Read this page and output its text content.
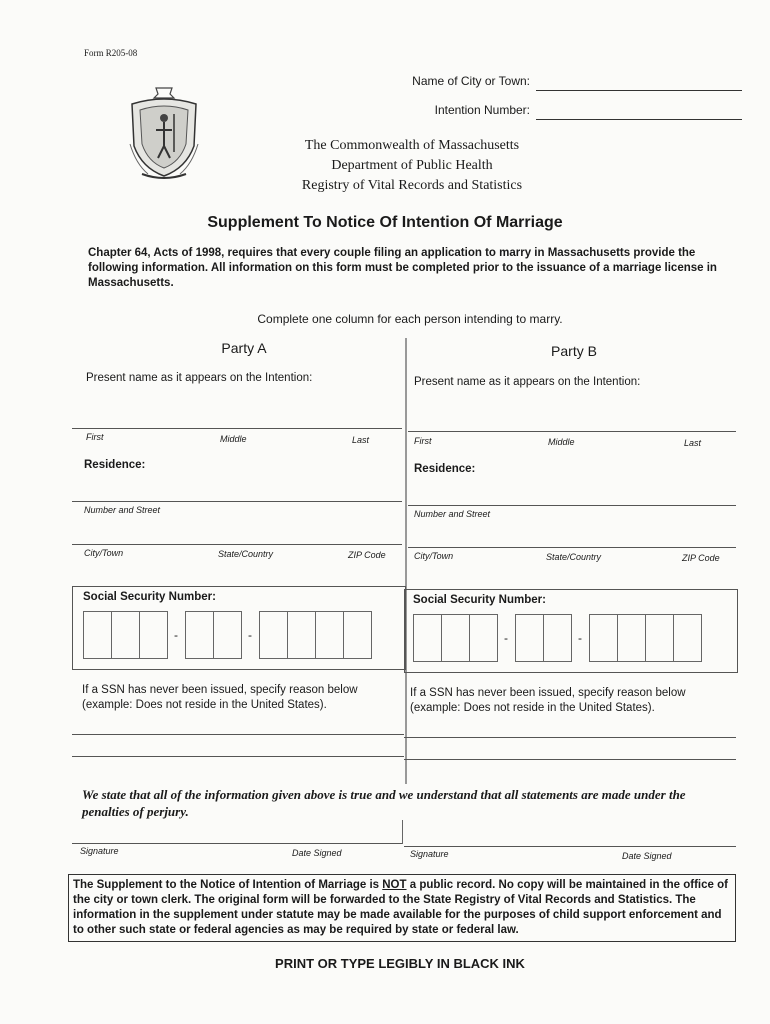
Form R205-08
Name of City or Town:
Intention Number:
The Commonwealth of Massachusetts
Department of Public Health
Registry of Vital Records and Statistics
Supplement To Notice Of Intention Of Marriage
Chapter 64, Acts of 1998, requires that every couple filing an application to marry in Massachusetts provide the following information. All information on this form must be completed prior to the issuance of a marriage license in Massachusetts.
Complete one column for each person intending to marry.
Party A
Present name as it appears on the Intention:
First	Middle	Last
Residence:
Number and Street
City/Town	State/Country	ZIP Code
Social Security Number:
-	-
If a SSN has never been issued, specify reason below (example: Does not reside in the United States).
Party B
Present name as it appears on the Intention:
First	Middle	Last
Residence:
Number and Street
City/Town	State/Country	ZIP Code
Social Security Number:
-	-
If a SSN has never been issued, specify reason below (example: Does not reside in the United States).
We state that all of the information given above is true and we understand that all statements are made under the penalties of perjury.
Signature	Date Signed	Signature	Date Signed
The Supplement to the Notice of Intention of Marriage is NOT a public record. No copy will be maintained in the office of the city or town clerk. The original form will be forwarded to the State Registry of Vital Records and Statistics. The information in the supplement under statute may be made available for the purposes of child support enforcement and to other such state or federal agencies as may be required by state or federal law.
PRINT OR TYPE LEGIBLY IN BLACK INK
